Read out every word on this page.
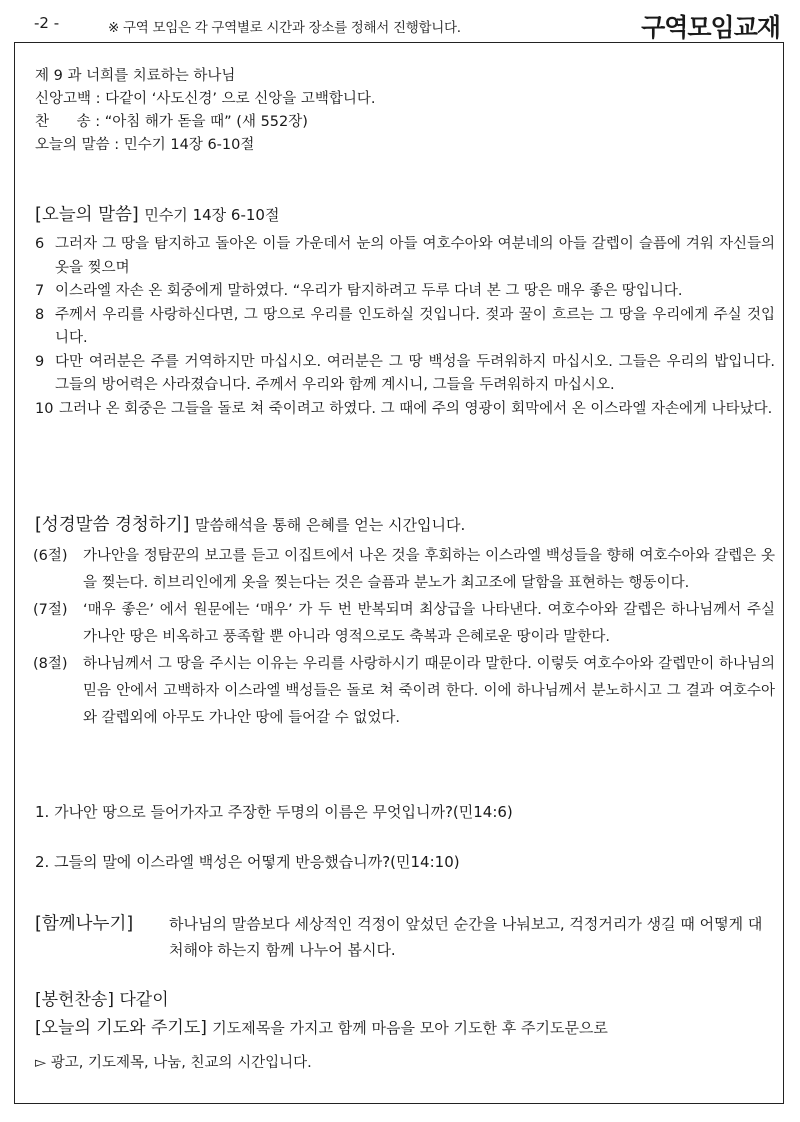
-2 -	※ 구역 모임은 각 구역별로 시간과 장소를 정해서 진행합니다.	구역모임교재
제 9 과 너희를 치료하는 하나님
신앙고백 : 다같이 ‘사도신경’ 으로 신앙을 고백합니다.
찬      송 : “아침 해가 돋을 때” (새 552장)
오늘의 말씀 : 민수기 14장 6-10절
[오늘의 말씀] 민수기 14장 6-10절
6 그러자 그 땅을 탐지하고 돌아온 이들 가운데서 눈의 아들 여호수아와 여분네의 아들 갈렙이 슬픔에 겨워 자신들의 옷을 찢으며
7 이스라엘 자손 온 회중에게 말하였다. “우리가 탐지하려고 두루 다녀 본 그 땅은 매우 좋은 땅입니다.
8 주께서 우리를 사랑하신다면, 그 땅으로 우리를 인도하실 것입니다. 젖과 꿀이 흐르는 그 땅을 우리에게 주실 것입니다.
9 다만 여러분은 주를 거역하지만 마십시오. 여러분은 그 땅 백성을 두려워하지 마십시오. 그들은 우리의 밥입니다. 그들의 방어력은 사라졌습니다. 주께서 우리와 함께 계시니, 그들을 두려워하지 마십시오.
10 그러나 온 회중은 그들을 돌로 쳐 죽이려고 하였다. 그 때에 주의 영광이 회막에서 온 이스라엘 자손에게 나타났다.
[성경말씀 경청하기] 말씀해석을 통해 은혜를 얻는 시간입니다.
(6절) 가나안을 정탐꾼의 보고를 듣고 이집트에서 나온 것을 후회하는 이스라엘 백성들을 향해 여호수아와 갈렙은 옷을 찢는다. 히브리인에게 옷을 찢는다는 것은 슬픔과 분노가 최고조에 달함을 표현하는 행동이다.
(7절) ‘매우 좋은’ 에서 원문에는 ‘매우’ 가 두 번 반복되며 최상급을 나타낸다. 여호수아와 갈렙은 하나님께서 주실 가나안 땅은 비옥하고 풍족할 뿐 아니라 영적으로도 축복과 은혜로운 땅이라 말한다.
(8절) 하나님께서 그 땅을 주시는 이유는 우리를 사랑하시기 때문이라 말한다. 이렇듯 여호수아와 갈렙만이 하나님의 믿음 안에서 고백하자 이스라엘 백성들은 돌로 쳐 죽이려 한다. 이에 하나님께서 분노하시고 그 결과 여호수아와 갈렙외에 아무도 가나안 땅에 들어갈 수 없었다.
1. 가나안 땅으로 들어가자고 주장한 두명의 이름은 무엇입니까?(민14:6)
2. 그들의 말에 이스라엘 백성은 어떻게 반응했습니까?(민14:10)
[함께나누기] 하나님의 말씀보다 세상적인 걱정이 앞섰던 순간을 나눠보고, 걱정거리가 생길 때 어떻게 대처해야 하는지 함께 나누어 봅시다.
[봉헌찬송] 다같이
[오늘의 기도와 주기도] 기도제목을 가지고 함께 마음을 모아 기도한 후 주기도문으로
▻ 광고, 기도제목, 나눔, 친교의 시간입니다.
